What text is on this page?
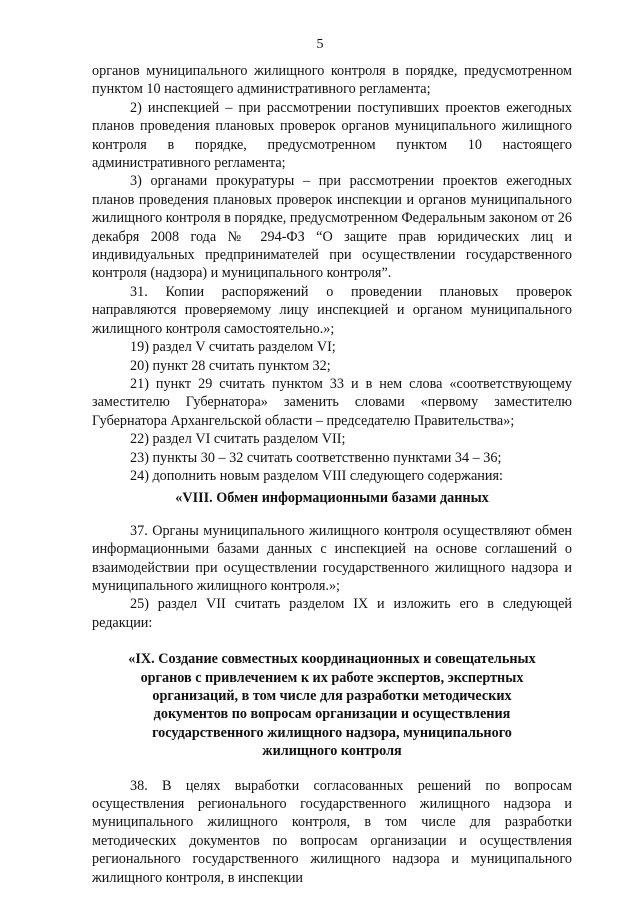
5

органов муниципального жилищного контроля в порядке, предусмотренном пунктом 10 настоящего административного регламента;

2) инспекцией – при рассмотрении поступивших проектов ежегодных планов проведения плановых проверок органов муниципального жилищного контроля в порядке, предусмотренном пунктом 10 настоящего административного регламента;

3) органами прокуратуры – при рассмотрении проектов ежегодных планов проведения плановых проверок инспекции и органов муниципального жилищного контроля в порядке, предусмотренном Федеральным законом от 26 декабря 2008 года № 294-ФЗ “О защите прав юридических лиц и индивидуальных предпринимателей при осуществлении государственного контроля (надзора) и муниципального контроля”.

31. Копии распоряжений о проведении плановых проверок направляются проверяемому лицу инспекцией и органом муниципального жилищного контроля самостоятельно.»;

19) раздел V считать разделом VI;

20) пункт 28 считать пунктом 32;

21) пункт 29 считать пунктом 33 и в нем слова «соответствующему заместителю Губернатора» заменить словами «первому заместителю Губернатора Архангельской области – председателю Правительства»;

22) раздел VI считать разделом VII;

23) пункты 30 – 32 считать соответственно пунктами 34 – 36;

24) дополнить новым разделом VIII следующего содержания:

«VIII. Обмен информационными базами данных

37. Органы муниципального жилищного контроля осуществляют обмен информационными базами данных с инспекцией на основе соглашений о взаимодействии при осуществлении государственного жилищного надзора и муниципального жилищного контроля.»;

25) раздел VII считать разделом IX и изложить его в следующей редакции:

«IX. Создание совместных координационных и совещательных органов с привлечением к их работе экспертов, экспертных организаций, в том числе для разработки методических документов по вопросам организации и осуществления государственного жилищного надзора, муниципального жилищного контроля

38. В целях выработки согласованных решений по вопросам осуществления регионального государственного жилищного надзора и муниципального жилищного контроля, в том числе для разработки методических документов по вопросам организации и осуществления регионального государственного жилищного надзора и муниципального жилищного контроля, в инспекции
